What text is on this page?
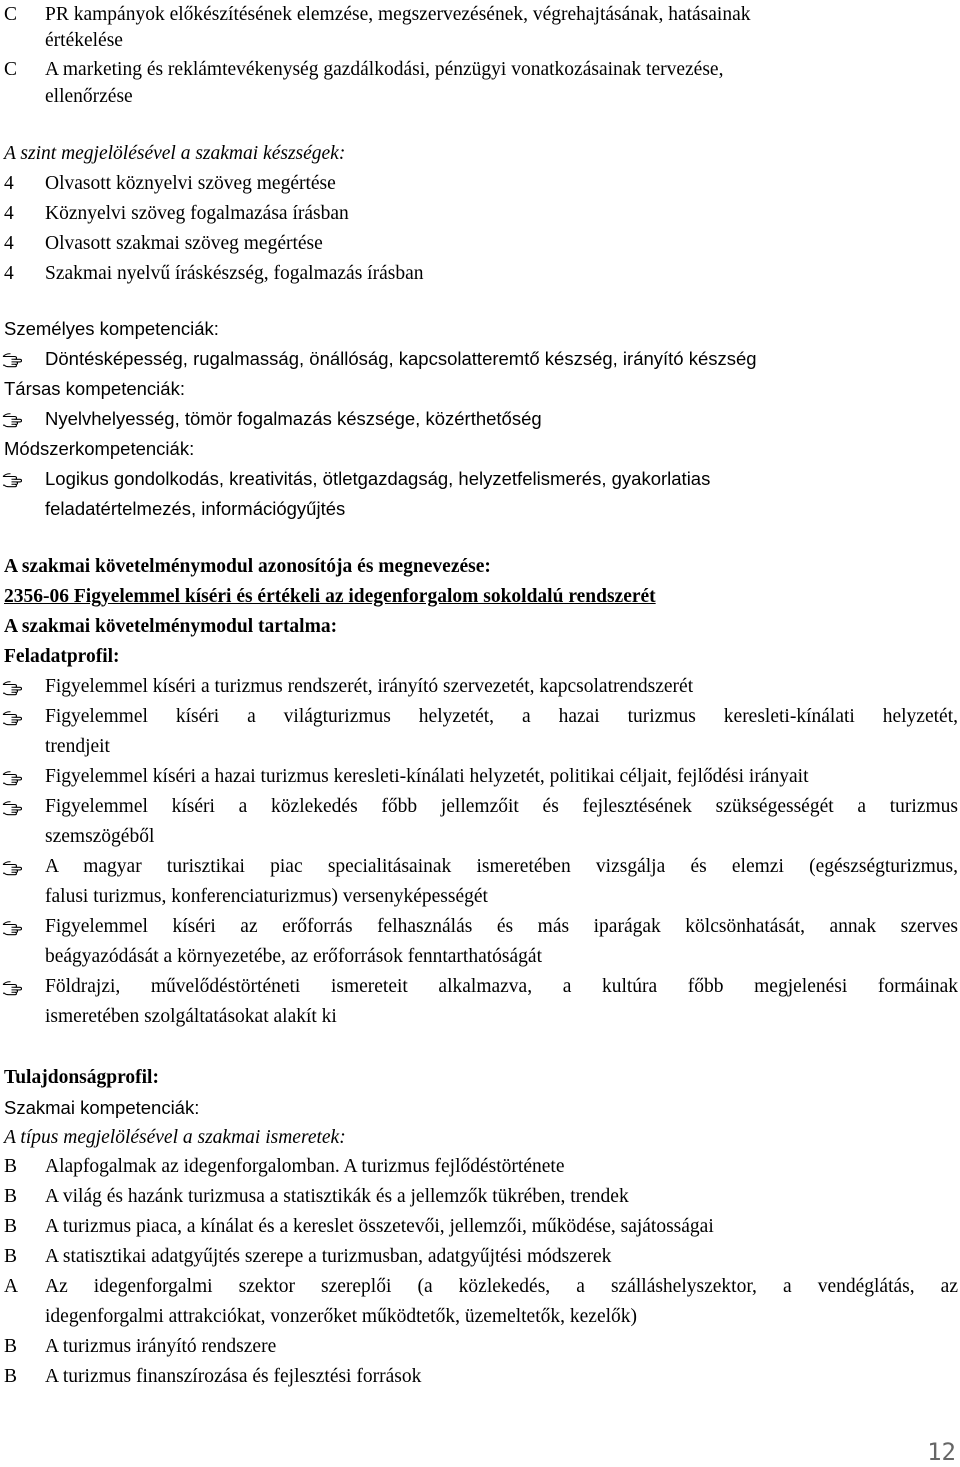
C	PR kampányok előkészítésének elemzése, megszervezésének, végrehajtásának, hatásainak
értékelése
C	A marketing és reklámtevékenység gazdálkodási, pénzügyi vonatkozásainak tervezése,
ellenőrzése
A szint megjelölésével a szakmai készségek:
4	Olvasott köznyelvi szöveg megértése
4	Köznyelvi szöveg fogalmazása írásban
4	Olvasott szakmai szöveg megértése
4	Szakmai nyelvű íráskészség, fogalmazás írásban
Személyes kompetenciák:
Döntésképesség, rugalmasság, önállóság, kapcsolatteremtő készség, irányító készség
Társas kompetenciák:
Nyelvhelyesség, tömör fogalmazás készsége, közérthetőség
Módszerkompetenciák:
Logikus gondolkodás, kreativitás, ötletgazdagság, helyzetfelismerés, gyakorlatias
feladatértelmezés, információgyűjtés
A szakmai követelménymodul azonosítója és megnevezése:
2356-06 Figyelemmel kíséri és értékeli az idegenforgalom sokoldalú rendszerét
A szakmai követelménymodul tartalma:
Feladatprofil:
Figyelemmel kíséri a turizmus rendszerét, irányító szervezetét, kapcsolatrendszerét
Figyelemmel kíséri a világturizmus helyzetét, a hazai turizmus keresleti-kínálati helyzetét,
trendjeit
Figyelemmel kíséri a hazai turizmus keresleti-kínálati helyzetét, politikai céljait, fejlődési irányait
Figyelemmel kíséri a közlekedés főbb jellemzőit és fejlesztésének szükségességét a turizmus
szemszögéből
A magyar turisztikai piac specialitásainak ismeretében vizsgálja és elemzi (egészségturizmus,
falusi turizmus, konferenciaturizmus) versenyképességét
Figyelemmel kíséri az erőforrás felhasználás és más iparágak kölcsönhatását, annak szerves
beágyazódását a környezetébe, az erőforrások fenntarthatóságát
Földrajzi, művelődéstörténeti ismereteit alkalmazva, a kultúra főbb megjelenési formáinak
ismeretében szolgáltatásokat alakít ki
Tulajdonságprofil:
Szakmai kompetenciák:
A típus megjelölésével a szakmai ismeretek:
B	Alapfogalmak az idegenforgalomban. A turizmus fejlődéstörténete
B	A világ és hazánk turizmusa a statisztikák és a jellemzők tükrében, trendek
B	A turizmus piaca, a kínálat és a kereslet összetevői, jellemzői, működése, sajátosságai
B	A statisztikai adatgyűjtés szerepe a turizmusban, adatgyűjtési módszerek
A	Az idegenforgalmi szektor szereplői (a közlekedés, a szálláshelyszektor, a vendéglátás, az
idegenforgalmi attrakciókat, vonzerőket működtetők, üzemeltetők, kezelők)
B	A turizmus irányító rendszere
B	A turizmus finanszírozása és fejlesztési források
12
